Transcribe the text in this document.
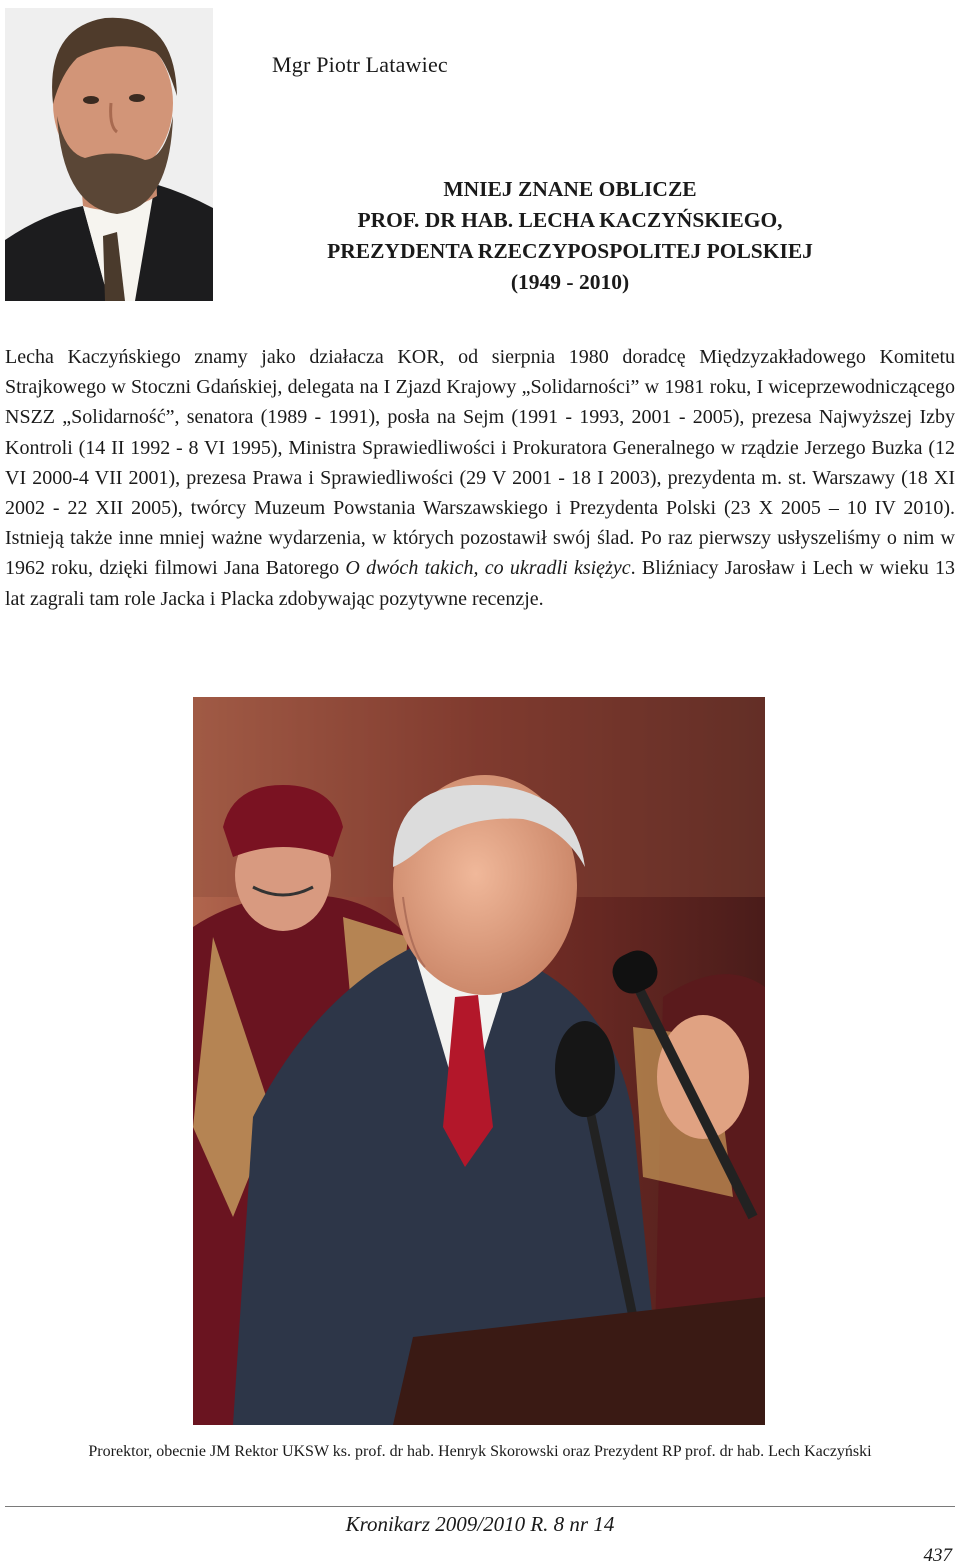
Mgr Piotr Latawiec
MNIEJ ZNANE OBLICZE
PROF. DR HAB. LECHA KACZYŃSKIEGO,
PREZYDENTA RZECZYPOSPOLITEJ POLSKIEJ
(1949 - 2010)

Lecha Kaczyńskiego znamy jako działacza KOR, od sierpnia 1980 doradcę Międzyzakładowego Komitetu Strajkowego w Stoczni Gdańskiej, delegata na I Zjazd Krajowy „Solidarności” w 1981 roku, I wiceprzewodniczącego NSZZ „Solidarność”, senatora (1989 - 1991), posła na Sejm (1991 - 1993, 2001 - 2005), prezesa Najwyższej Izby Kontroli (14 II 1992 - 8 VI 1995), Ministra Sprawiedliwości i Prokuratora Generalnego w rządzie Jerzego Buzka (12 VI 2000-4 VII 2001), prezesa Prawa i Sprawiedliwości (29 V 2001 - 18 I 2003), prezydenta m. st. Warszawy (18 XI 2002 - 22 XII 2005), twórcy Muzeum Powstania Warszawskiego i Prezydenta Polski (23 X 2005 – 10 IV 2010). Istnieją także inne mniej ważne wydarzenia, w których pozostawił swój ślad. Po raz pierwszy usłyszeliśmy o nim w 1962 roku, dzięki filmowi Jana Batorego O dwóch takich, co ukradli księżyc. Bliźniacy Jarosław i Lech w wieku 13 lat zagrali tam role Jacka i Placka zdobywając pozytywne recenzje.

Prorektor, obecnie JM Rektor UKSW ks. prof. dr hab. Henryk Skorowski oraz Prezydent RP prof. dr hab. Lech Kaczyński
Kronikarz 2009/2010 R. 8 nr 14
437
